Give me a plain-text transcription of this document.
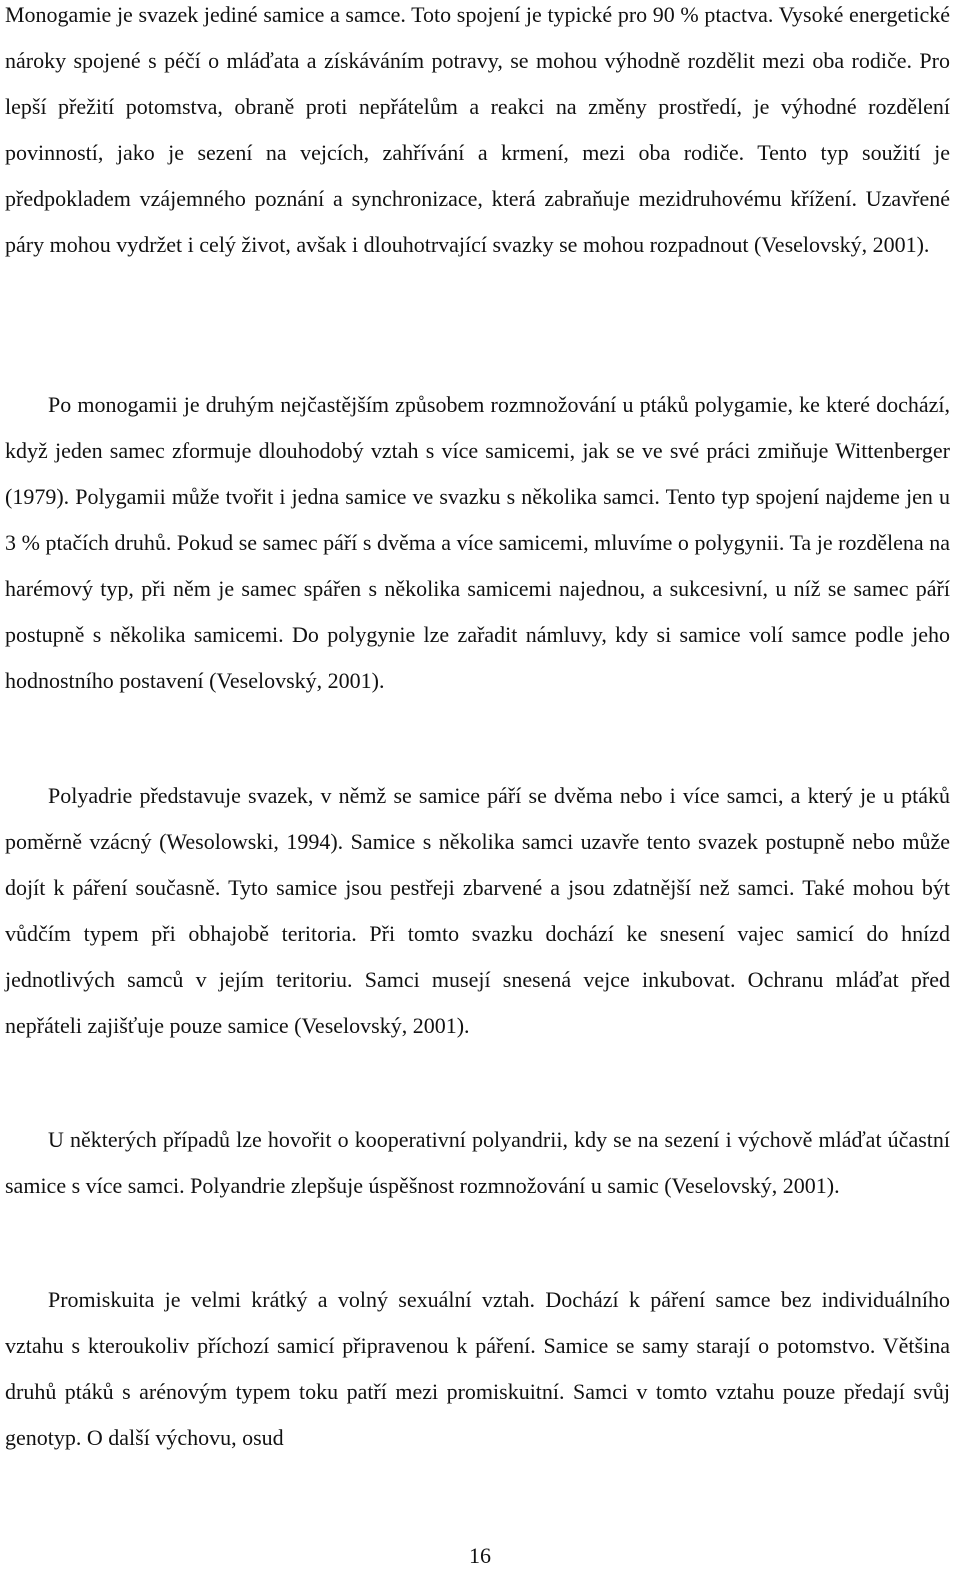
Monogamie je svazek jediné samice a samce. Toto spojení je typické pro 90 % ptactva. Vysoké energetické nároky spojené s péčí o mláďata a získáváním potravy, se mohou výhodně rozdělit mezi oba rodiče. Pro lepší přežití potomstva, obraně proti nepřátelům a reakci na změny prostředí, je výhodné rozdělení povinností, jako je sezení na vejcích, zahřívání a krmení, mezi oba rodiče. Tento typ soužití je předpokladem vzájemného poznání a synchronizace, která zabraňuje mezidruhovému křížení. Uzavřené páry mohou vydržet i celý život, avšak i dlouhotrvající svazky se mohou rozpadnout (Veselovský, 2001).

Po monogamii je druhým nejčastějším způsobem rozmnožování u ptáků polygamie, ke které dochází, když jeden samec zformuje dlouhodobý vztah s více samicemi, jak se ve své práci zmiňuje Wittenberger (1979). Polygamii může tvořit i jedna samice ve svazku s několika samci. Tento typ spojení najdeme jen u 3 % ptačích druhů. Pokud se samec páří s dvěma a více samicemi, mluvíme o polygynii. Ta je rozdělena na harémový typ, při něm je samec spářen s několika samicemi najednou, a sukcesivní, u níž se samec páří postupně s několika samicemi. Do polygynie lze zařadit námluvy, kdy si samice volí samce podle jeho hodnostního postavení (Veselovský, 2001).

Polyadrie představuje svazek, v němž se samice páří se dvěma nebo i více samci, a který je u ptáků poměrně vzácný (Wesolowski, 1994). Samice s několika samci uzavře tento svazek postupně nebo může dojít k páření současně. Tyto samice jsou pestřeji zbarvené a jsou zdatnější než samci. Také mohou být vůdčím typem při obhajobě teritoria. Při tomto svazku dochází ke snesení vajec samicí do hnízd jednotlivých samců v jejím teritoriu. Samci musejí snesená vejce inkubovat. Ochranu mláďat před nepřáteli zajišťuje pouze samice (Veselovský, 2001).

U některých případů lze hovořit o kooperativní polyandrii, kdy se na sezení i výchově mláďat účastní samice s více samci. Polyandrie zlepšuje úspěšnost rozmnožování u samic (Veselovský, 2001).

Promiskuita je velmi krátký a volný sexuální vztah. Dochází k páření samce bez individuálního vztahu s kteroukoliv příchozí samicí připravenou k páření. Samice se samy starají o potomstvo. Většina druhů ptáků s arénovým typem toku patří mezi promiskuitní. Samci v tomto vztahu pouze předají svůj genotyp. O další výchovu, osud

16
